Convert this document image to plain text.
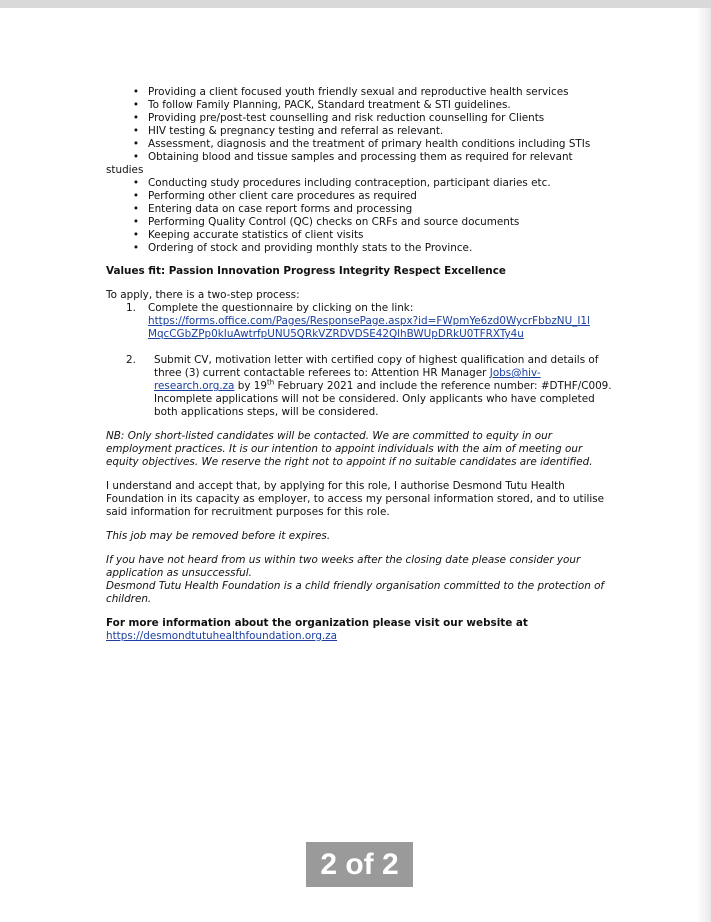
• Providing a client focused youth friendly sexual and reproductive health services
• To follow Family Planning, PACK, Standard treatment & STI guidelines.
• Providing pre/post-test counselling and risk reduction counselling for Clients
• HIV testing & pregnancy testing and referral as relevant.
• Assessment, diagnosis and the treatment of primary health conditions including STIs
• Obtaining blood and tissue samples and processing them as required for relevant
studies
• Conducting study procedures including contraception, participant diaries etc.
• Performing other client care procedures as required
• Entering data on case report forms and processing
• Performing Quality Control (QC) checks on CRFs and source documents
• Keeping accurate statistics of client visits
• Ordering of stock and providing monthly stats to the Province.
Values fit: Passion Innovation Progress Integrity Respect Excellence
To apply, there is a two-step process:
1. Complete the questionnaire by clicking on the link:
https://forms.office.com/Pages/ResponsePage.aspx?id=FWpmYe6zd0WycrFbbzNU_I1l
MqcCGbZPp0kIuAwtrfpUNU5QRkVZRDVDSE42QlhBWUpDRkU0TFRXTy4u
2. Submit CV, motivation letter with certified copy of highest qualification and details of three (3) current contactable referees to: Attention HR Manager Jobs@hiv-research.org.za by 19th February 2021 and include the reference number: #DTHF/C009. Incomplete applications will not be considered. Only applicants who have completed both applications steps, will be considered.
NB: Only short-listed candidates will be contacted. We are committed to equity in our employment practices. It is our intention to appoint individuals with the aim of meeting our equity objectives. We reserve the right not to appoint if no suitable candidates are identified.
I understand and accept that, by applying for this role, I authorise Desmond Tutu Health Foundation in its capacity as employer, to access my personal information stored, and to utilise said information for recruitment purposes for this role.
This job may be removed before it expires.
If you have not heard from us within two weeks after the closing date please consider your application as unsuccessful.
Desmond Tutu Health Foundation is a child friendly organisation committed to the protection of children.
For more information about the organization please visit our website at
https://desmondtutuhealthfoundation.org.za
2 of 2
